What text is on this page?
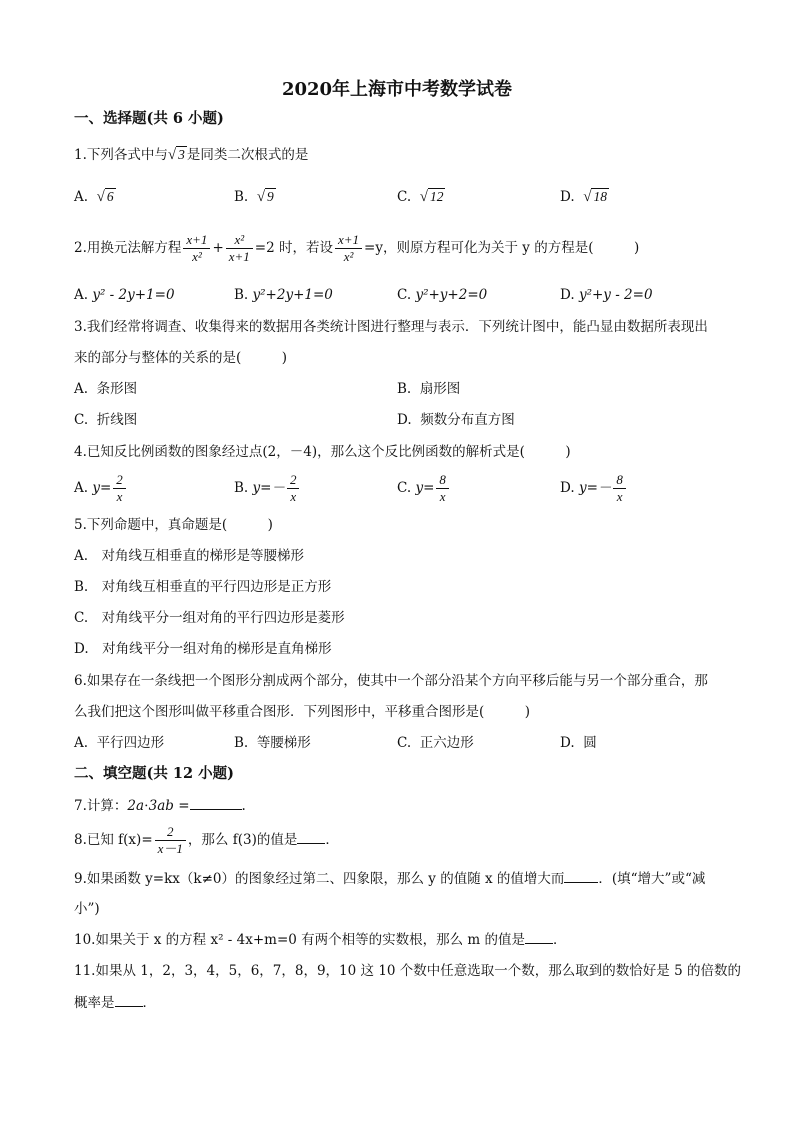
2020年上海市中考数学试卷
一、选择题(共 6 小题)
1.下列各式中与√ 3 是同类二次根式的是
A. √ 6	B. √ 9	C. √ 12	D. √ 18
2.用换元法解方程 $\frac{x+1}{\text{x²}} + \frac{\text{x²}}{x+1} =2$ 时，若设 $\frac{x+1}{\text{x²}} =y$，则原方程可化为关于 y 的方程是(　　　)
A. y² - 2y+1=0	B. y²+2y+1=0	C. y²+y+2=0	D. y²+y - 2=0
3.我们经常将调查、收集得来的数据用各类统计图进行整理与表示．下列统计图中，能凸显由数据所表现出
来的部分与整体的关系的是(　　　)
A. 条形图	B. 扇形图
C. 折线图	D. 频数分布直方图
4.已知反比例函数的图象经过点(2，－4)，那么这个反比例函数的解析式是(　　　)
A. $y= \frac{2}{x}$	B. $y=- \frac{2}{x}$	C. $y= \frac{8}{x}$	D. $y=- \frac{8}{x}$
5.下列命题中，真命题是(　　　)
A.　对角线互相垂直的梯形是等腰梯形
B.　对角线互相垂直的平行四边形是正方形
C.　对角线平分一组对角的平行四边形是菱形
D.　对角线平分一组对角的梯形是直角梯形
6.如果存在一条线把一个图形分割成两个部分，使其中一个部分沿某个方向平移后能与另一个部分重合，那
么我们把这个图形叫做平移重合图形．下列图形中，平移重合图形是(　　　)
A. 平行四边形	B. 等腰梯形	C. 正六边形	D. 圆
二、填空题(共 12 小题)
7.计算：2a⋅3ab =	.
8.已知 $f(x)= \frac{2}{x-1}$ ，那么 f(3)的值是 ．
9.如果函数 y=kx（k≠0）的图象经过第二、四象限，那么 y 的值随 x 的值增大而	．(填“增大”或“减
小”)
10.如果关于 x 的方程 x² - 4x+m=0 有两个相等的实数根，那么 m 的值是 ．
11.如果从 1，2，3，4，5，6，7，8，9，10 这 10 个数中任意选取一个数，那么取到的数恰好是 5 的倍数的
概率是 ．
